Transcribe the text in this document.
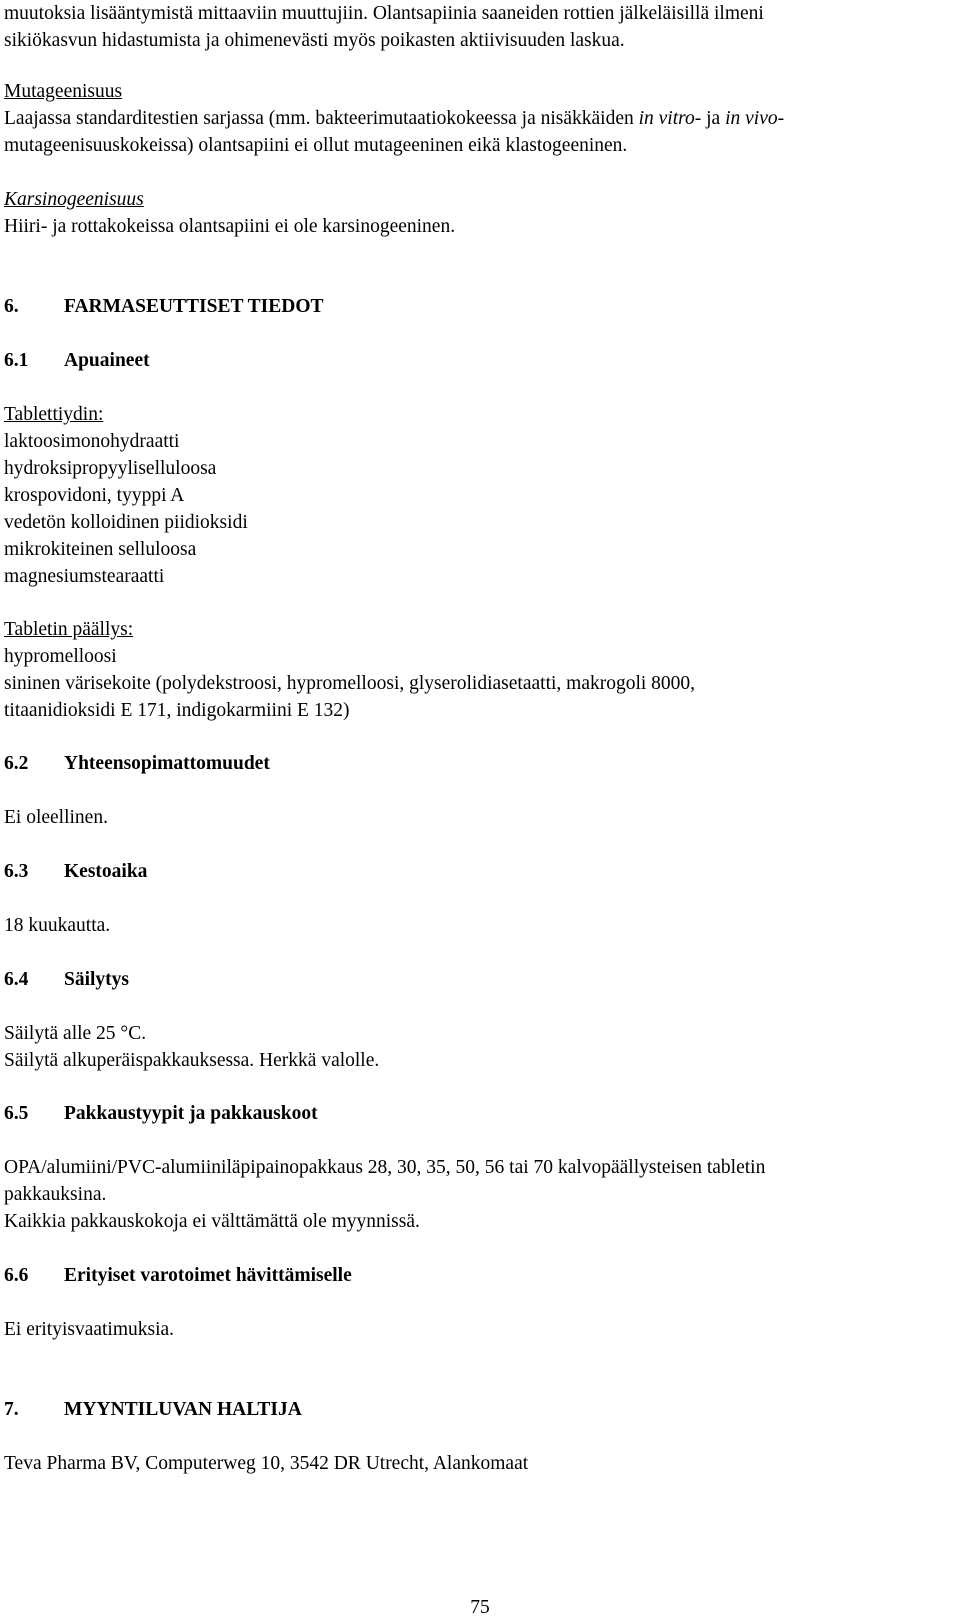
muutoksia lisääntymistä mittaaviin muuttujiin. Olantsapiinia saaneiden rottien jälkeläisillä ilmeni
sikiökasvun hidastumista ja ohimenevästi myös poikasten aktiivisuuden laskua.
Mutageenisuus
Laajassa standarditestien sarjassa (mm. bakteerimutaatiokokeessa ja nisäkkäiden in vitro- ja in vivo-
mutageenisuuskokeissa) olantsapiini ei ollut mutageeninen eikä klastogeeninen.
Karsinogeenisuus
Hiiri- ja rottakokeissa olantsapiini ei ole karsinogeeninen.
6. FARMASEUTTISET TIEDOT
6.1 Apuaineet
Tablettiydin:
laktoosimonohydraatti
hydroksipropyyliselluloosa
krospovidoni, tyyppi A
vedetön kolloidinen piidioksidi
mikrokiteinen selluloosa
magnesiumstearaatti
Tabletin päällys:
hypromelloosi
sininen värisekoite (polydekstroosi, hypromelloosi, glyserolidiasetaatti, makrogoli 8000,
titaanidioksidi E 171, indigokarmiini E 132)
6.2 Yhteensopimattomuudet
Ei oleellinen.
6.3 Kestoaika
18 kuukautta.
6.4 Säilytys
Säilytä alle 25 °C.
Säilytä alkuperäispakkauksessa. Herkkä valolle.
6.5 Pakkaustyypit ja pakkauskoot
OPA/alumiini/PVC-alumiiniläpipainopakkaus 28, 30, 35, 50, 56 tai 70 kalvopäällysteisen tabletin
pakkauksina.
Kaikkia pakkauskokoja ei välttämättä ole myynnissä.
6.6 Erityiset varotoimet hävittämiselle
Ei erityisvaatimuksia.
7. MYYNTILUVAN HALTIJA
Teva Pharma BV, Computerweg 10, 3542 DR Utrecht, Alankomaat
75
